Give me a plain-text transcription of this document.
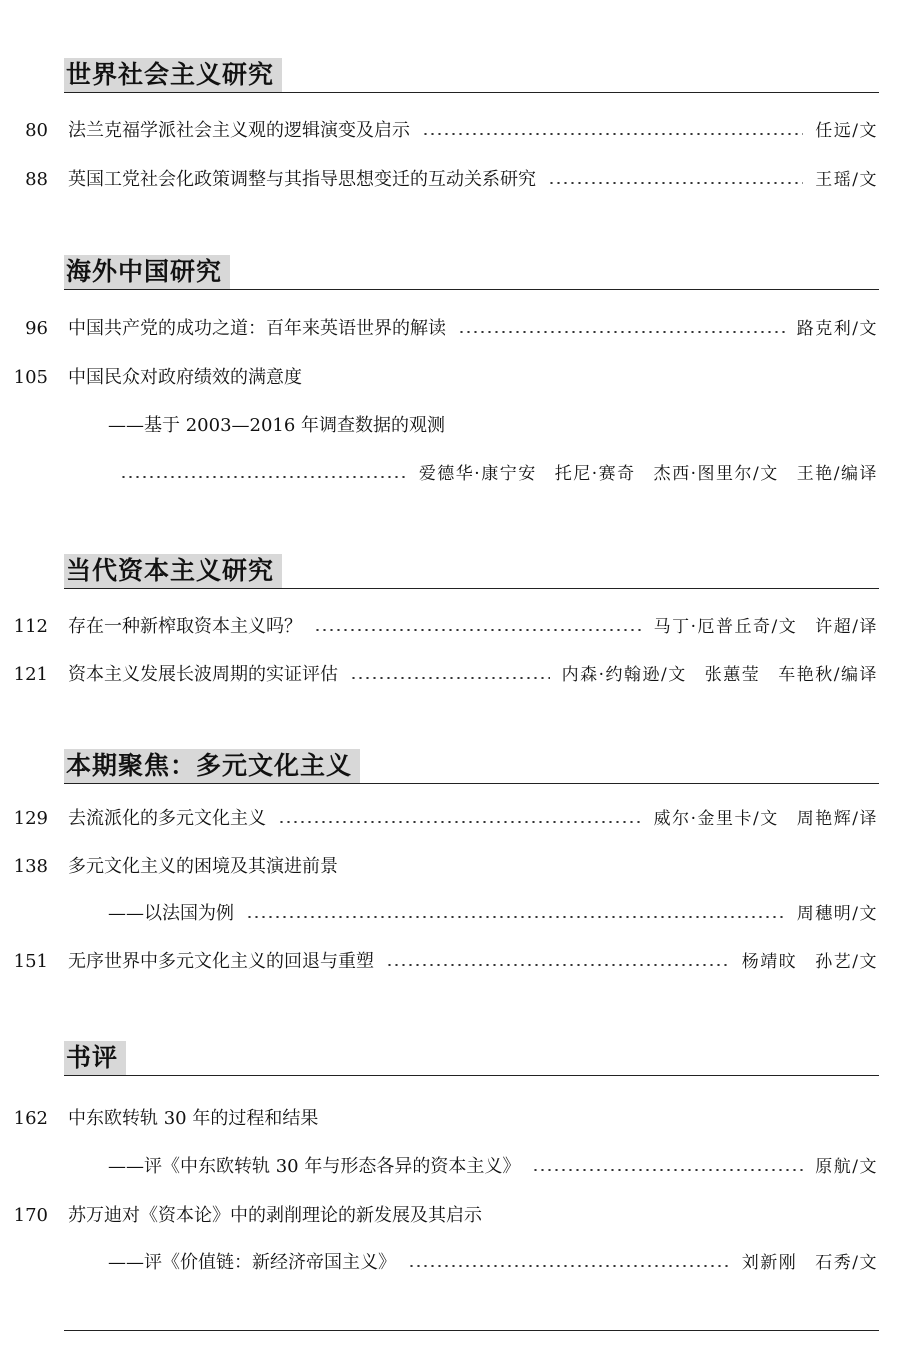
世界社会主义研究
80 法兰克福学派社会主义观的逻辑演变及启示	任远/文
88 英国工党社会化政策调整与其指导思想变迁的互动关系研究	王瑶/文
海外中国研究
96 中国共产党的成功之道：百年来英语世界的解读	路克利/文
105 中国民众对政府绩效的满意度
——基于 2003—2016 年调查数据的观测
爱德华·康宁安 托尼·赛奇 杰西·图里尔/文 王艳/编译
当代资本主义研究
112 存在一种新榨取资本主义吗？	马丁·厄普丘奇/文 许超/译
121 资本主义发展长波周期的实证评估	内森·约翰逊/文 张蕙莹 车艳秋/编译
本期聚焦：多元文化主义
129 去流派化的多元文化主义	威尔·金里卡/文 周艳辉/译
138 多元文化主义的困境及其演进前景
——以法国为例	周穗明/文
151 无序世界中多元文化主义的回退与重塑	杨靖旼 孙艺/文
书评
162 中东欧转轨 30 年的过程和结果
——评《中东欧转轨 30 年与形态各异的资本主义》	原航/文
170 苏万迪对《资本论》中的剥削理论的新发展及其启示
——评《价值链：新经济帝国主义》	刘新刚 石秀/文
